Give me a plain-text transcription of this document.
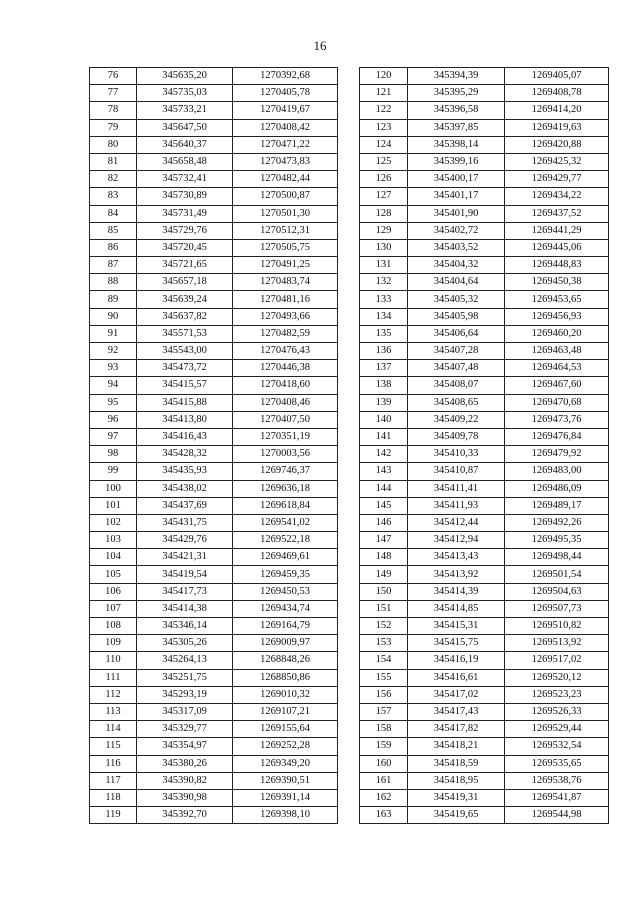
16
76	345635,20	1270392,68
77	345735,03	1270405,78
78	345733,21	1270419,67
79	345647,50	1270408,42
80	345640,37	1270471,22
81	345658,48	1270473,83
82	345732,41	1270482,44
83	345730,89	1270500,87
84	345731,49	1270501,30
85	345729,76	1270512,31
86	345720,45	1270505,75
87	345721,65	1270491,25
88	345657,18	1270483,74
89	345639,24	1270481,16
90	345637,82	1270493,66
91	345571,53	1270482,59
92	345543,00	1270476,43
93	345473,72	1270446,38
94	345415,57	1270418,60
95	345415,88	1270408,46
96	345413,80	1270407,50
97	345416,43	1270351,19
98	345428,32	1270003,56
99	345435,93	1269746,37
100	345438,02	1269636,18
101	345437,69	1269618,84
102	345431,75	1269541,02
103	345429,76	1269522,18
104	345421,31	1269469,61
105	345419,54	1269459,35
106	345417,73	1269450,53
107	345414,38	1269434,74
108	345346,14	1269164,79
109	345305,26	1269009,97
110	345264,13	1268848,26
111	345251,75	1268850,86
112	345293,19	1269010,32
113	345317,09	1269107,21
114	345329,77	1269155,64
115	345354,97	1269252,28
116	345380,26	1269349,20
117	345390,82	1269390,51
118	345390,98	1269391,14
119	345392,70	1269398,10
120	345394,39	1269405,07
121	345395,29	1269408,78
122	345396,58	1269414,20
123	345397,85	1269419,63
124	345398,14	1269420,88
125	345399,16	1269425,32
126	345400,17	1269429,77
127	345401,17	1269434,22
128	345401,90	1269437,52
129	345402,72	1269441,29
130	345403,52	1269445,06
131	345404,32	1269448,83
132	345404,64	1269450,38
133	345405,32	1269453,65
134	345405,98	1269456,93
135	345406,64	1269460,20
136	345407,28	1269463,48
137	345407,48	1269464,53
138	345408,07	1269467,60
139	345408,65	1269470,68
140	345409,22	1269473,76
141	345409,78	1269476,84
142	345410,33	1269479,92
143	345410,87	1269483,00
144	345411,41	1269486,09
145	345411,93	1269489,17
146	345412,44	1269492,26
147	345412,94	1269495,35
148	345413,43	1269498,44
149	345413,92	1269501,54
150	345414,39	1269504,63
151	345414,85	1269507,73
152	345415,31	1269510,82
153	345415,75	1269513,92
154	345416,19	1269517,02
155	345416,61	1269520,12
156	345417,02	1269523,23
157	345417,43	1269526,33
158	345417,82	1269529,44
159	345418,21	1269532,54
160	345418,59	1269535,65
161	345418,95	1269538,76
162	345419,31	1269541,87
163	345419,65	1269544,98
